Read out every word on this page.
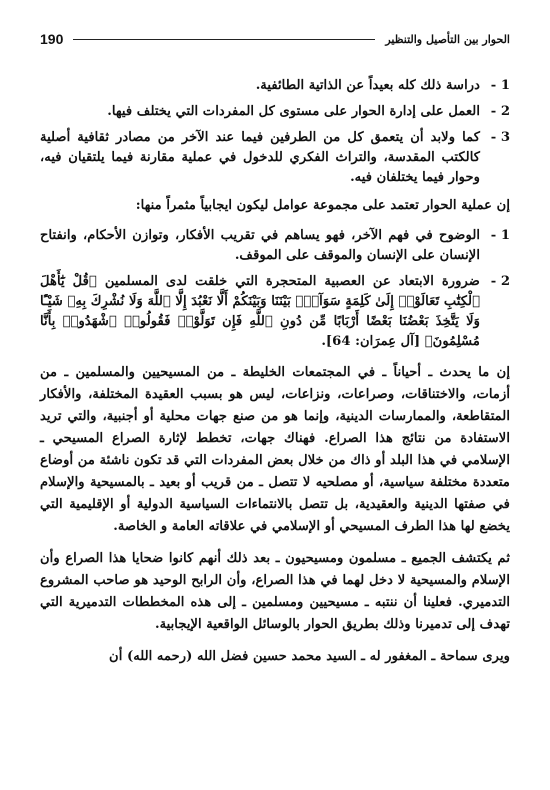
الحوار بين التأصيل والتنظير
190
1 -
دراسة ذلك كله بعيداً عن الذاتية الطائفية.
2 -
العمل على إدارة الحوار على مستوى كل المفردات التي يختلف فيها.
3 -
كما ولابد أن يتعمق كل من الطرفين فيما عند الآخر من مصادر ثقافية أصلية كالكتب المقدسة، والتراث الفكري للدخول في عملية مقارنة فيما يلتقيان فيه، وحوار فيما يختلفان فيه.
إن عملية الحوار تعتمد على مجموعة عوامل ليكون ايجابياً مثمراً منها:
1 -
الوضوح في فهم الآخر، فهو يساهم في تقريب الأفكار، وتوازن الأحكام، وانفتاح الإنسان على الإنسان والموقف على الموقف.
2 -
ضرورة الابتعاد عن العصبية المتحجرة التي خلقت لدى المسلمين ﴿قُلْ يَٰٓأَهْلَ ٱلْكِتَٰبِ تَعَالَوْا۟ إِلَىٰ كَلِمَةٍ سَوَآءٍۭ بَيْنَنَا وَبَيْنَكُمْ أَلَّا نَعْبُدَ إِلَّا ٱللَّهَ وَلَا نُشْرِكَ بِهِۦ شَيْـًٔا وَلَا يَتَّخِذَ بَعْضُنَا بَعْضًا أَرْبَابًا مِّن دُونِ ٱللَّهِ فَإِن تَوَلَّوْا۟ فَقُولُوا۟ ٱشْهَدُوا۟ بِأَنَّا مُسْلِمُونَ﴾ [آل عِمرَان: 64].

إن ما يحدث ـ أحياناً ـ في المجتمعات الخليطة ـ من المسيحيين والمسلمين ـ من أزمات، والاختناقات، وصراعات، ونزاعات، ليس هو بسبب العقيدة المختلفة، والأفكار المتقاطعة، والممارسات الدينية، وإنما هو من صنع جهات محلية أو أجنبية، والتي تريد الاستفادة من نتائج هذا الصراع. فهناك جهات، تخطط لإثارة الصراع المسيحي ـ الإسلامي في هذا البلد أو ذاك من خلال بعض المفردات التي قد تكون ناشئة من أوضاع متعددة مختلفة سياسية، أو مصلحيه لا تتصل ـ من قريب أو بعيد ـ بالمسيحية والإسلام في صفتها الدينية والعقيدية، بل تتصل بالانتماءات السياسية الدولية أو الإقليمية التي يخضع لها هذا الطرف المسيحي أو الإسلامي في علاقاته العامة و الخاصة.

ثم يكتشف الجميع ـ مسلمون ومسيحيون ـ بعد ذلك أنهم كانوا ضحايا هذا الصراع وأن الإسلام والمسيحية لا دخل لهما في هذا الصراع، وأن الرابح الوحيد هو صاحب المشروع التدميري. فعلينا أن ننتبه ـ مسيحيين ومسلمين ـ إلى هذه المخططات التدميرية التي تهدف إلى تدميرنا وذلك بطريق الحوار بالوسائل الواقعية الإيجابية.

ويرى سماحة ـ المغفور له ـ السيد محمد حسين فضل الله (رحمه الله) أن
